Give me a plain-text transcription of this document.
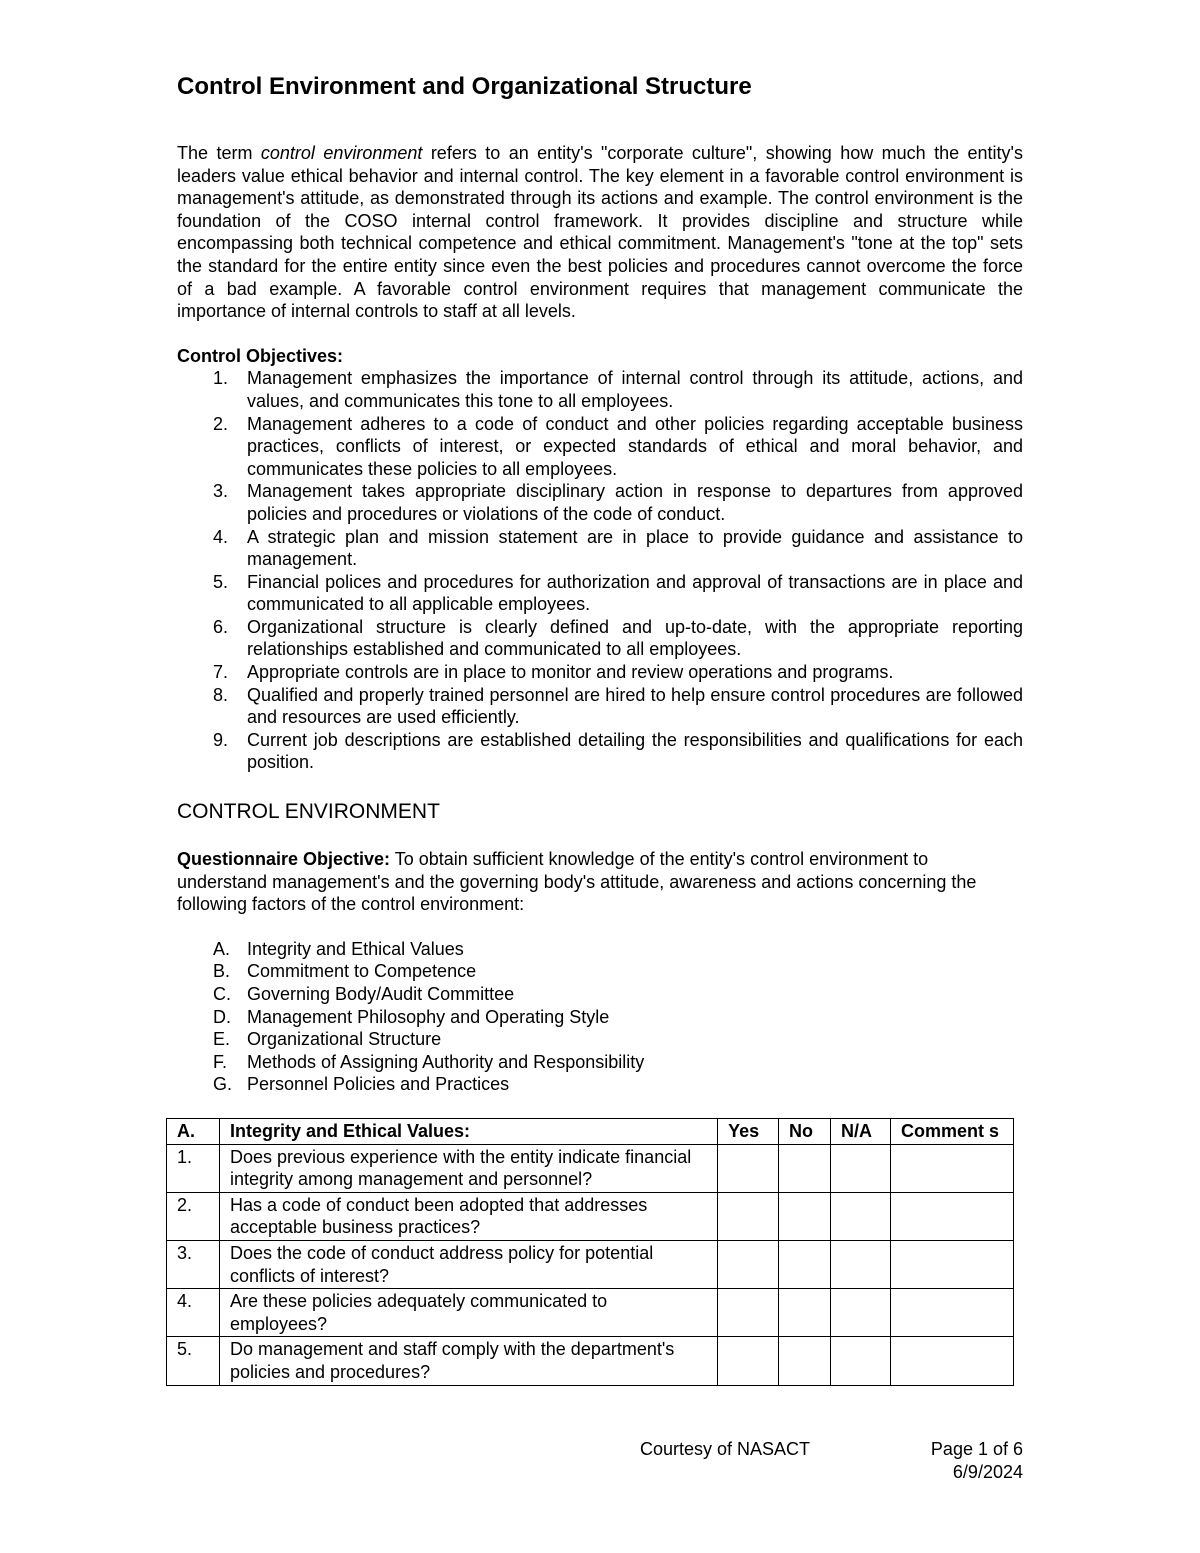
Control Environment and Organizational Structure

The term control environment refers to an entity's "corporate culture", showing how much the entity's leaders value ethical behavior and internal control. The key element in a favorable control environment is management's attitude, as demonstrated through its actions and example. The control environment is the foundation of the COSO internal control framework. It provides discipline and structure while encompassing both technical competence and ethical commitment. Management's "tone at the top" sets the standard for the entire entity since even the best policies and procedures cannot overcome the force of a bad example. A favorable control environment requires that management communicate the importance of internal controls to staff at all levels.

Control Objectives:

1. Management emphasizes the importance of internal control through its attitude, actions, and values, and communicates this tone to all employees.
2. Management adheres to a code of conduct and other policies regarding acceptable business practices, conflicts of interest, or expected standards of ethical and moral behavior, and communicates these policies to all employees.
3. Management takes appropriate disciplinary action in response to departures from approved policies and procedures or violations of the code of conduct.
4. A strategic plan and mission statement are in place to provide guidance and assistance to management.
5. Financial polices and procedures for authorization and approval of transactions are in place and communicated to all applicable employees.
6. Organizational structure is clearly defined and up-to-date, with the appropriate reporting relationships established and communicated to all employees.
7. Appropriate controls are in place to monitor and review operations and programs.
8. Qualified and properly trained personnel are hired to help ensure control procedures are followed and resources are used efficiently.
9. Current job descriptions are established detailing the responsibilities and qualifications for each position.
CONTROL ENVIRONMENT

Questionnaire Objective: To obtain sufficient knowledge of the entity's control environment to understand management's and the governing body's attitude, awareness and actions concerning the following factors of the control environment:

A. Integrity and Ethical Values
B. Commitment to Competence
C. Governing Body/Audit Committee
D. Management Philosophy and Operating Style
E. Organizational Structure
F. Methods of Assigning Authority and Responsibility
G. Personnel Policies and Practices
A.	Integrity and Ethical Values:	Yes	No	N/A	Comment s
1.	Does previous experience with the entity indicate financial integrity among management and personnel?				
2.	Has a code of conduct been adopted that addresses acceptable business practices?				
3.	Does the code of conduct address policy for potential conflicts of interest?				
4.	Are these policies adequately communicated to employees?				
5.	Do management and staff comply with the department's policies and procedures?				
Courtesy of NASACT	Page 1 of 6
6/9/2024
